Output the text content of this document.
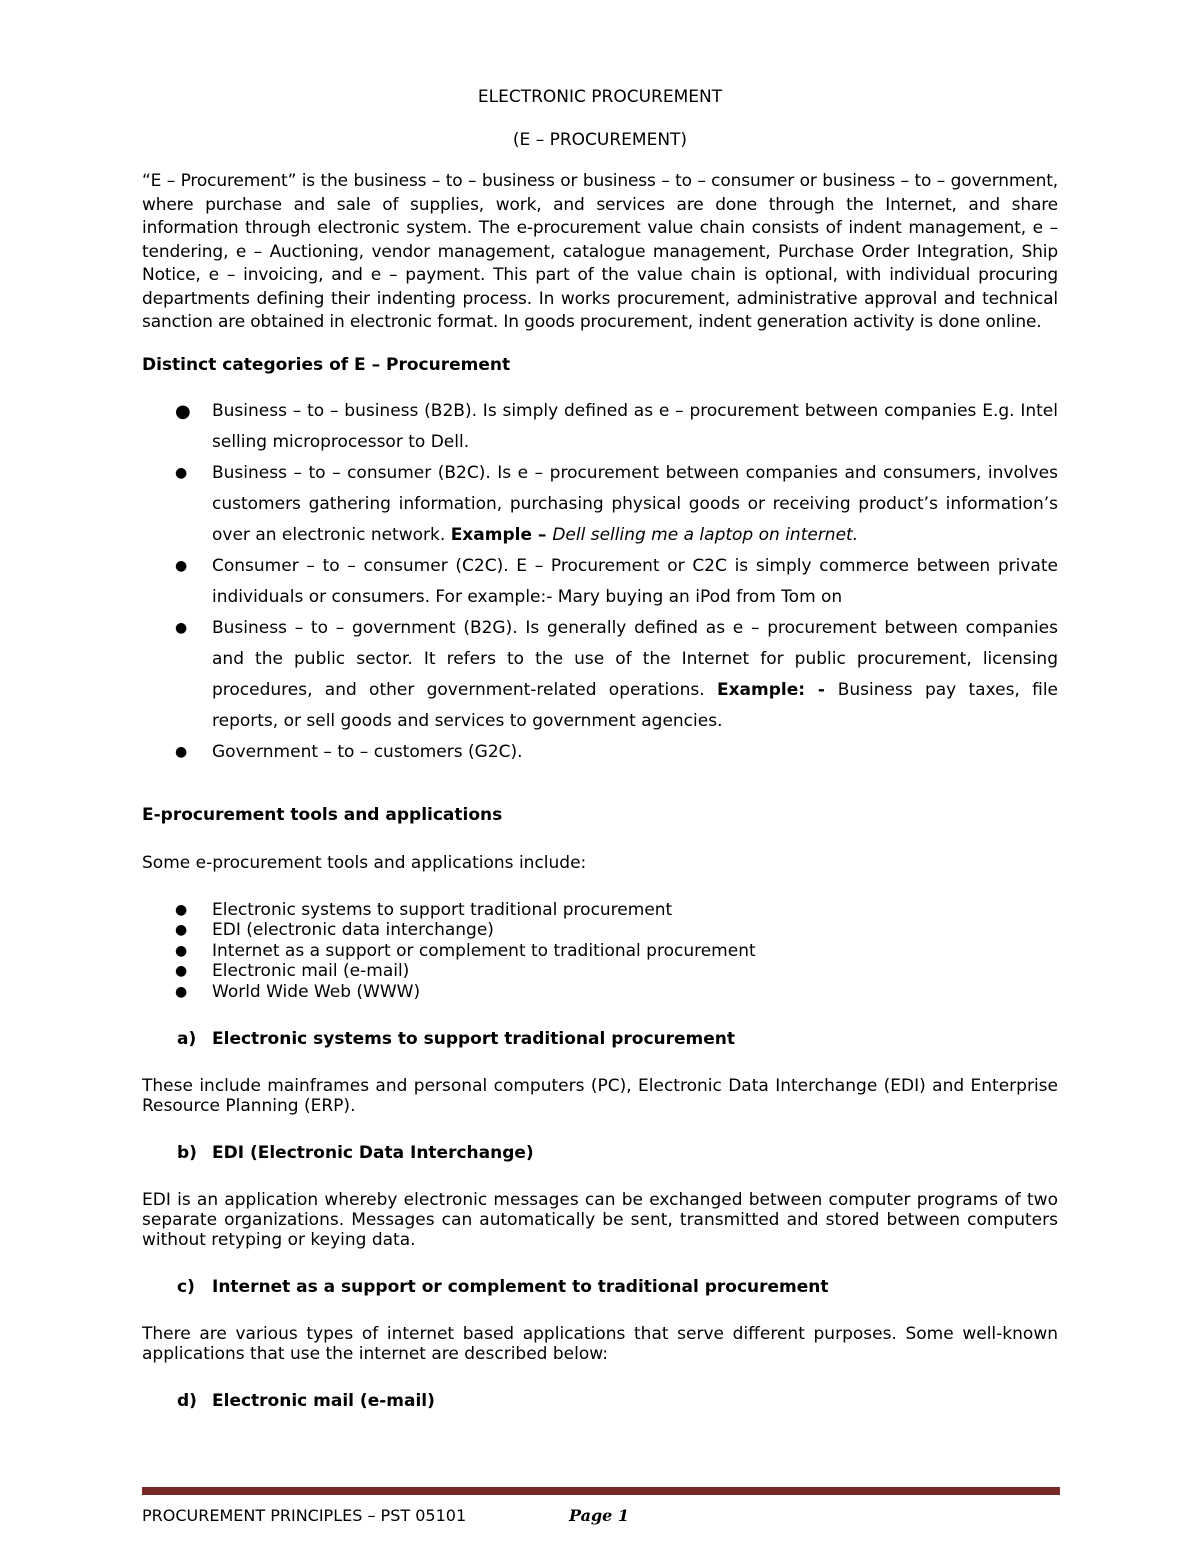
ELECTRONIC PROCUREMENT

(E – PROCUREMENT)

“E – Procurement” is the business – to – business or business – to – consumer or business – to – government, where purchase and sale of supplies, work, and services are done through the Internet, and share information through electronic system. The e-procurement value chain consists of indent management, e – tendering, e – Auctioning, vendor management, catalogue management, Purchase Order Integration, Ship Notice, e – invoicing, and e – payment. This part of the value chain is optional, with individual procuring departments defining their indenting process. In works procurement, administrative approval and technical sanction are obtained in electronic format. In goods procurement, indent generation activity is done online.

Distinct categories of E – Procurement

● Business – to – business (B2B). Is simply defined as e – procurement between companies E.g. Intel selling microprocessor to Dell.
● Business – to – consumer (B2C). Is e – procurement between companies and consumers, involves customers gathering information, purchasing physical goods or receiving product’s information’s over an electronic network. Example – Dell selling me a laptop on internet.
● Consumer – to – consumer (C2C). E – Procurement or C2C is simply commerce between private individuals or consumers. For example:- Mary buying an iPod from Tom on
● Business – to – government (B2G). Is generally defined as e – procurement between companies and the public sector. It refers to the use of the Internet for public procurement, licensing procedures, and other government-related operations. Example: - Business pay taxes, file reports, or sell goods and services to government agencies.
● Government – to – customers (G2C).

E-procurement tools and applications

Some e-procurement tools and applications include:

● Electronic systems to support traditional procurement
● EDI (electronic data interchange)
● Internet as a support or complement to traditional procurement
● Electronic mail (e-mail)
● World Wide Web (WWW)

a) Electronic systems to support traditional procurement

These include mainframes and personal computers (PC), Electronic Data Interchange (EDI) and Enterprise Resource Planning (ERP).

b) EDI (Electronic Data Interchange)

EDI is an application whereby electronic messages can be exchanged between computer programs of two separate organizations. Messages can automatically be sent, transmitted and stored between computers without retyping or keying data.

c) Internet as a support or complement to traditional procurement

There are various types of internet based applications that serve different purposes. Some well-known applications that use the internet are described below:

d) Electronic mail (e-mail)

PROCUREMENT PRINCIPLES – PST 05101	Page 1
